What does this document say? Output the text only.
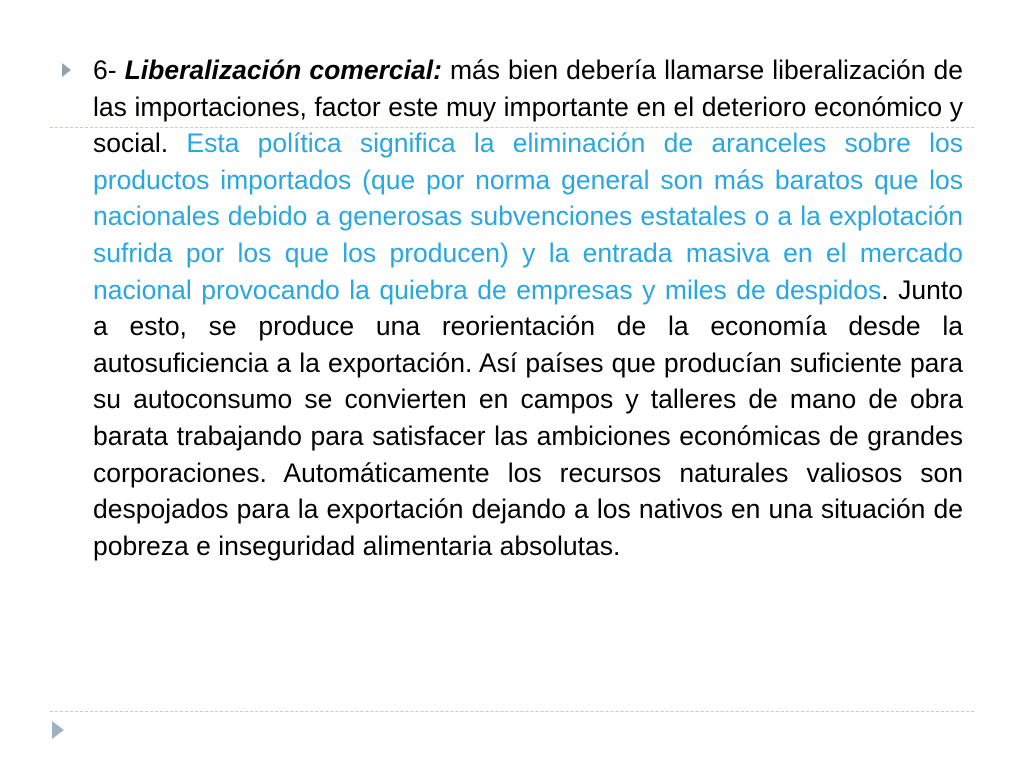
6- Liberalización comercial: más bien debería llamarse liberalización de las importaciones, factor este muy importante en el deterioro económico y social. Esta política significa la eliminación de aranceles sobre los productos importados (que por norma general son más baratos que los nacionales debido a generosas subvenciones estatales o a la explotación sufrida por los que los producen) y la entrada masiva en el mercado nacional provocando la quiebra de empresas y miles de despidos. Junto a esto, se produce una reorientación de la economía desde la autosuficiencia a la exportación. Así países que producían suficiente para su autoconsumo se convierten en campos y talleres de mano de obra barata trabajando para satisfacer las ambiciones económicas de grandes corporaciones. Automáticamente los recursos naturales valiosos son despojados para la exportación dejando a los nativos en una situación de pobreza e inseguridad alimentaria absolutas.
